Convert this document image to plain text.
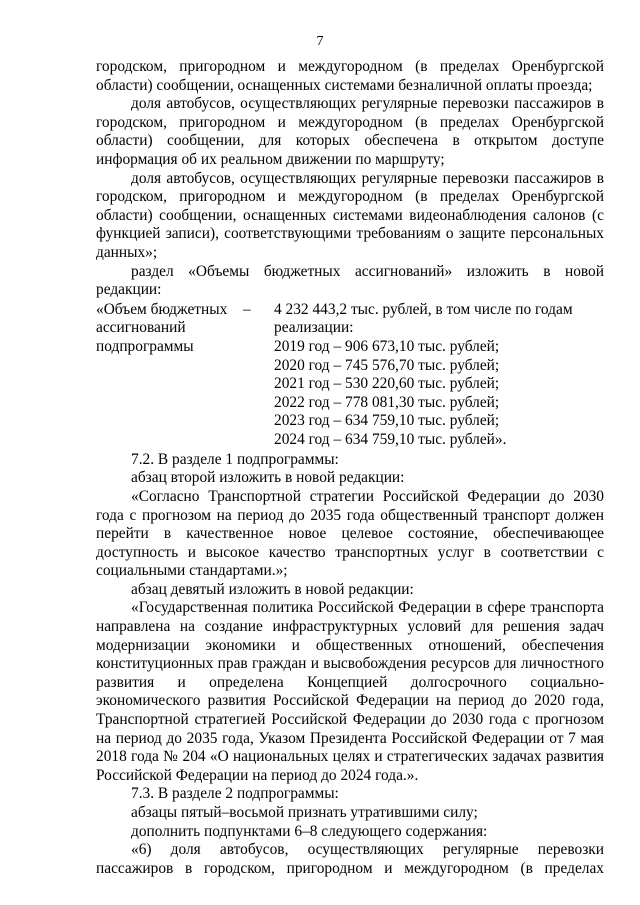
7

городском, пригородном и междугородном (в пределах Оренбургской области) сообщении, оснащенных системами безналичной оплаты проезда;

доля автобусов, осуществляющих регулярные перевозки пассажиров в городском, пригородном и междугородном (в пределах Оренбургской области) сообщении, для которых обеспечена в открытом доступе информация об их реальном движении по маршруту;

доля автобусов, осуществляющих регулярные перевозки пассажиров в городском, пригородном и междугородном (в пределах Оренбургской области) сообщении, оснащенных системами видеонаблюдения салонов (с функцией записи), соответствующими требованиям о защите персональных данных»;

раздел «Объемы бюджетных ассигнований» изложить в новой редакции:

«Объем бюджетных
ассигнований
подпрограммы
– 4 232 443,2 тыс. рублей, в том числе по годам
реализации:
2019 год – 906 673,10 тыс. рублей;
2020 год – 745 576,70 тыс. рублей;
2021 год – 530 220,60 тыс. рублей;
2022 год – 778 081,30 тыс. рублей;
2023 год – 634 759,10 тыс. рублей;
2024 год – 634 759,10 тыс. рублей».

7.2. В разделе 1 подпрограммы:

абзац второй изложить в новой редакции:

«Согласно Транспортной стратегии Российской Федерации до 2030 года с прогнозом на период до 2035 года общественный транспорт должен перейти в качественное новое целевое состояние, обеспечивающее доступность и высокое качество транспортных услуг в соответствии с социальными стандартами.»;

абзац девятый изложить в новой редакции:

«Государственная политика Российской Федерации в сфере транспорта направлена на создание инфраструктурных условий для решения задач модернизации экономики и общественных отношений, обеспечения конституционных прав граждан и высвобождения ресурсов для личностного развития и определена Концепцией долгосрочного социально-экономического развития Российской Федерации на период до 2020 года, Транспортной стратегией Российской Федерации до 2030 года с прогнозом на период до 2035 года, Указом Президента Российской Федерации от 7 мая 2018 года № 204 «О национальных целях и стратегических задачах развития Российской Федерации на период до 2024 года.».

7.3. В разделе 2 подпрограммы:

абзацы пятый–восьмой признать утратившими силу;

дополнить подпунктами 6–8 следующего содержания:

«6) доля автобусов, осуществляющих регулярные перевозки пассажиров в городском, пригородном и междугородном (в пределах
